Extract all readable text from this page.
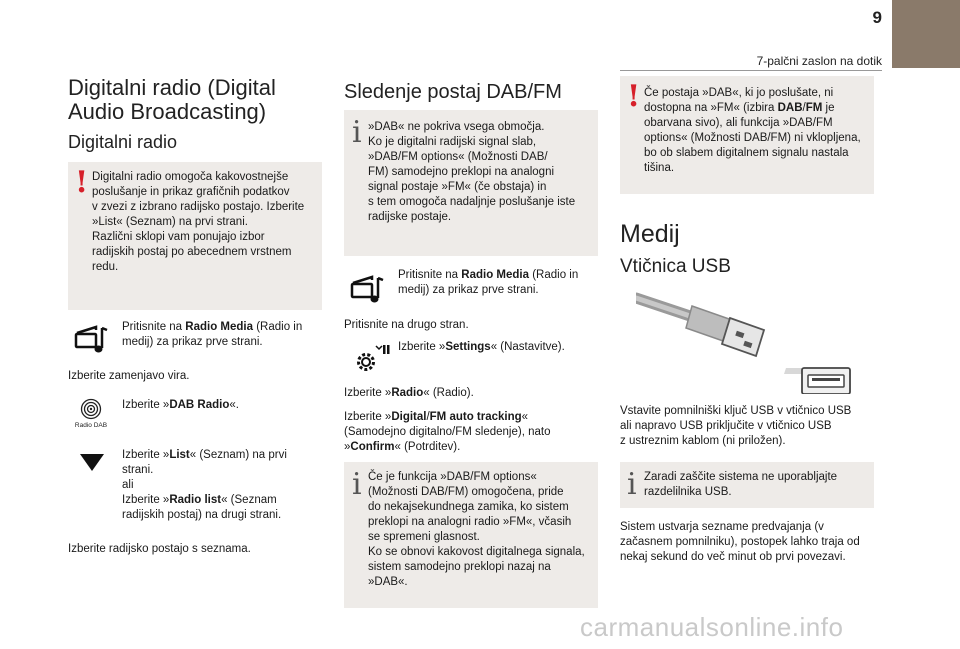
9
7-palčni zaslon na dotik
Digitalni radio (Digital
Audio Broadcasting)
Digitalni radio
! Digitalni radio omogoča kakovostnejše

poslušanje in prikaz grafičnih podatkov

v zvezi z izbrano radijsko postajo. Izberite

»List« (Seznam) na prvi strani.

Različni sklopi vam ponujajo izbor

radijskih postaj po abecednem vrstnem

redu.

Pritisnite na Radio Media (Radio in

medij) za prikaz prve strani.

Izberite zamenjavo vira.
Radio DAB

Izberite »DAB Radio«.

Izberite »List« (Seznam) na prvi

strani.

ali

Izberite »Radio list« (Seznam

radijskih postaj) na drugi strani.

Izberite radijsko postajo s seznama.
Sledenje postaj DAB/FM
i »DAB« ne pokriva vsega območja.

Ko je digitalni radijski signal slab,

»DAB/FM options« (Možnosti DAB/

FM) samodejno preklopi na analogni

signal postaje »FM« (če obstaja) in

s tem omogoča nadaljnje poslušanje iste

radijske postaje.

Pritisnite na Radio Media (Radio in

medij) za prikaz prve strani.

Pritisnite na drugo stran.

Izberite »Settings« (Nastavitve).

Izberite »Radio« (Radio).

Izberite »Digital/FM auto tracking«

(Samodejno digitalno/FM sledenje), nato

»Confirm« (Potrditev).

i Če je funkcija »DAB/FM options«

(Možnosti DAB/FM) omogočena, pride

do nekajsekundnega zamika, ko sistem

preklopi na analogni radio »FM«, včasih

se spremeni glasnost.

Ko se obnovi kakovost digitalnega signala,

sistem samodejno preklopi nazaj na

»DAB«.

! Če postaja »DAB«, ki jo poslušate, ni

dostopna na »FM« (izbira DAB/FM je

obarvana sivo), ali funkcija »DAB/FM

options« (Možnosti DAB/FM) ni vklopljena,

bo ob slabem digitalnem signalu nastala

tišina.

Medij
Vtičnica USB

Vstavite pomnilniški ključ USB v vtičnico USB

ali napravo USB priključite v vtičnico USB

z ustreznim kablom (ni priložen).

i Zaradi zaščite sistema ne uporabljajte

razdelilnika USB.

Sistem ustvarja sezname predvajanja (v

začasnem pomnilniku), postopek lahko traja od

nekaj sekund do več minut ob prvi povezavi.

carmanualsonline.info
